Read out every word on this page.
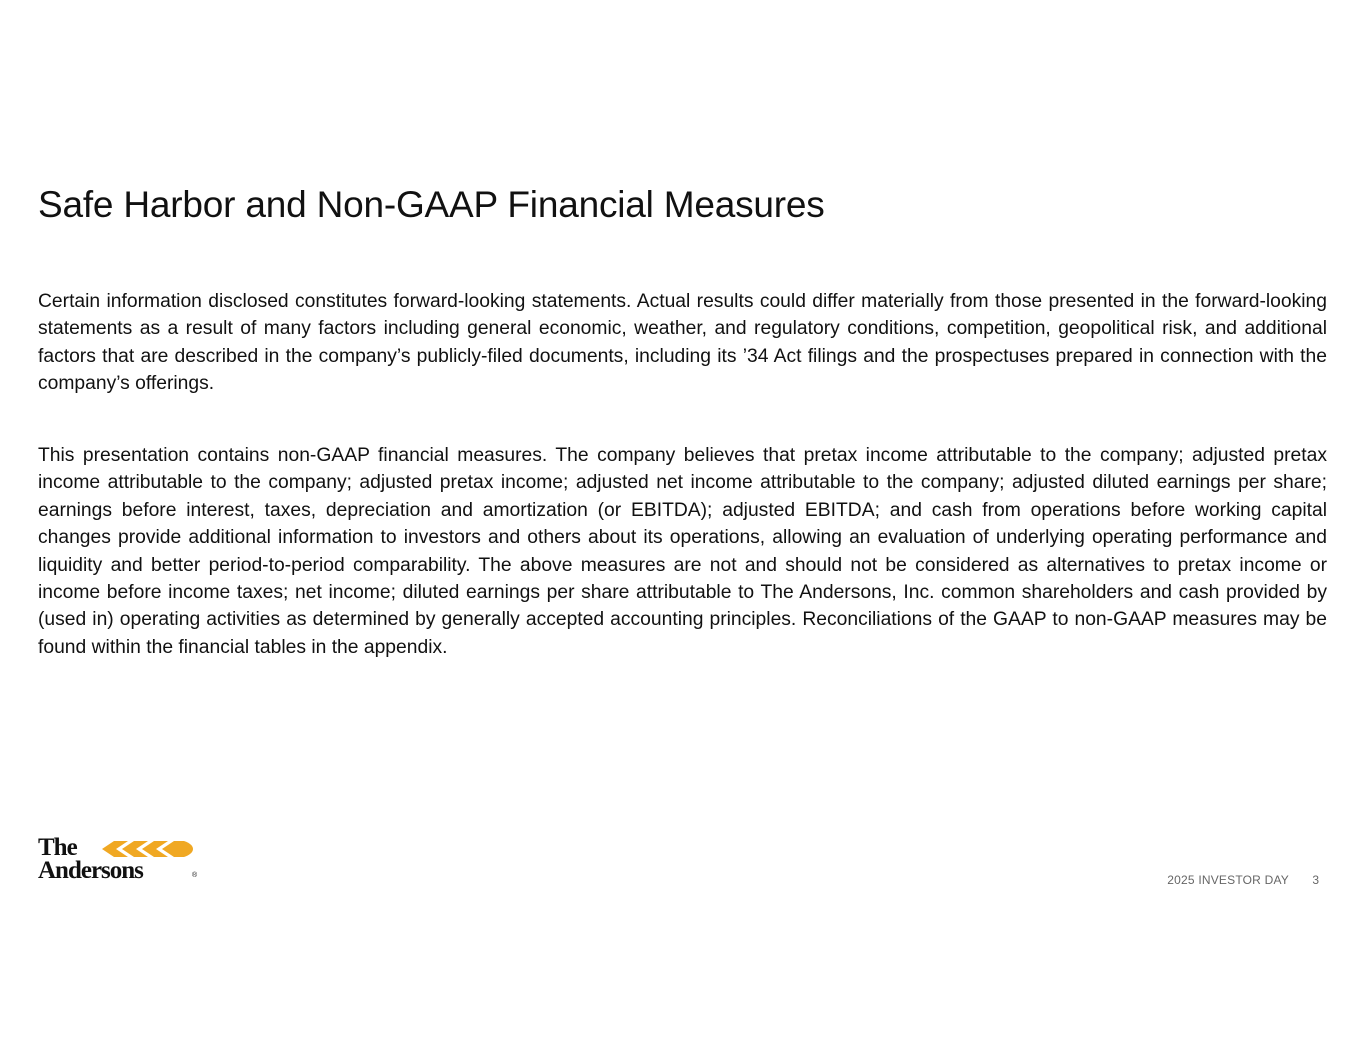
Safe Harbor and Non-GAAP Financial Measures

Certain information disclosed constitutes forward-looking statements. Actual results could differ materially from those presented in the forward-looking statements as a result of many factors including general economic, weather, and regulatory conditions, competition, geopolitical risk, and additional factors that are described in the company’s publicly-filed documents, including its ’34 Act filings and the prospectuses prepared in connection with the company’s offerings.

This presentation contains non-GAAP financial measures. The company believes that pretax income attributable to the company; adjusted pretax income attributable to the company; adjusted pretax income; adjusted net income attributable to the company; adjusted diluted earnings per share; earnings before interest, taxes, depreciation and amortization (or EBITDA); adjusted EBITDA; and cash from operations before working capital changes provide additional information to investors and others about its operations, allowing an evaluation of underlying operating performance and liquidity and better period-to-period comparability. The above measures are not and should not be considered as alternatives to pretax income or income before income taxes; net income; diluted earnings per share attributable to The Andersons, Inc. common shareholders and cash provided by (used in) operating activities as determined by generally accepted accounting principles. Reconciliations of the GAAP to non-GAAP measures may be found within the financial tables in the appendix.

The
Andersons	®	2025 INVESTOR DAY 3
